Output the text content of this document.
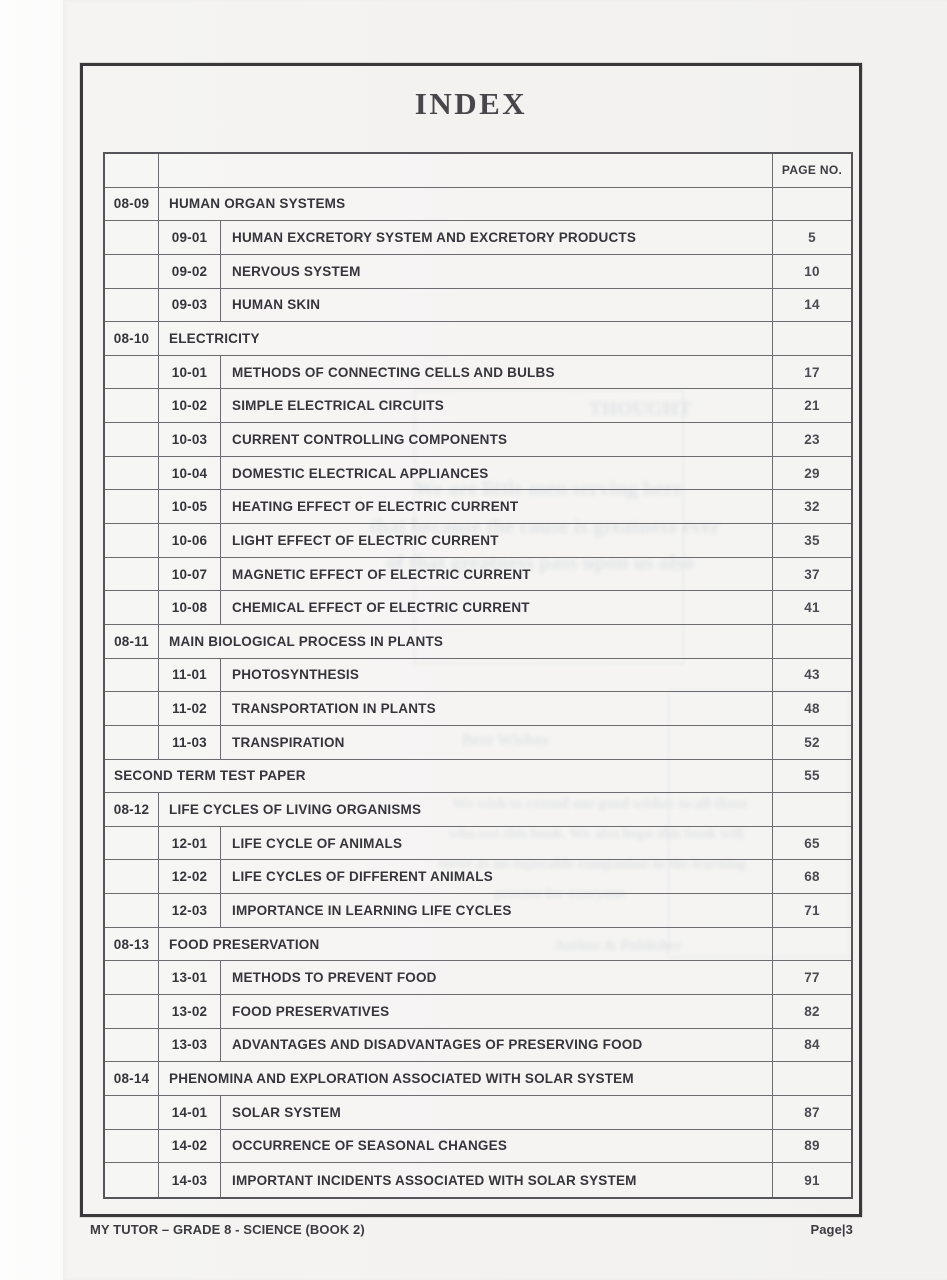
THOUGHT
We are little men serving here
that because the cause is greatness ever
of that greatness pass upon us also
Best Wishes
We wish to extend our good wishes to all those
who use this book. We also hope this book will
serve as an enjoyable companion in the learning
process for everyone
Author & Publisher
INDEX
PAGE NO.
08-09	HUMAN ORGAN SYSTEMS
09-01	HUMAN EXCRETORY SYSTEM AND EXCRETORY PRODUCTS	5
09-02	NERVOUS SYSTEM	10
09-03	HUMAN SKIN	14
08-10	ELECTRICITY
10-01	METHODS OF CONNECTING CELLS AND BULBS	17
10-02	SIMPLE ELECTRICAL CIRCUITS	21
10-03	CURRENT CONTROLLING COMPONENTS	23
10-04	DOMESTIC ELECTRICAL APPLIANCES	29
10-05	HEATING EFFECT OF ELECTRIC CURRENT	32
10-06	LIGHT EFFECT OF ELECTRIC CURRENT	35
10-07	MAGNETIC EFFECT OF ELECTRIC CURRENT	37
10-08	CHEMICAL EFFECT OF ELECTRIC CURRENT	41
08-11	MAIN BIOLOGICAL PROCESS IN PLANTS
11-01	PHOTOSYNTHESIS	43
11-02	TRANSPORTATION IN PLANTS	48
11-03	TRANSPIRATION	52
SECOND TERM TEST PAPER	55
08-12	LIFE CYCLES OF LIVING ORGANISMS
12-01	LIFE CYCLE OF ANIMALS	65
12-02	LIFE CYCLES OF DIFFERENT ANIMALS	68
12-03	IMPORTANCE IN LEARNING LIFE CYCLES	71
08-13	FOOD PRESERVATION
13-01	METHODS TO PREVENT FOOD	77
13-02	FOOD PRESERVATIVES	82
13-03	ADVANTAGES AND DISADVANTAGES OF PRESERVING FOOD	84
08-14	PHENOMINA AND EXPLORATION ASSOCIATED WITH SOLAR SYSTEM
14-01	SOLAR SYSTEM	87
14-02	OCCURRENCE OF SEASONAL CHANGES	89
14-03	IMPORTANT INCIDENTS ASSOCIATED WITH SOLAR SYSTEM	91
MY TUTOR – GRADE 8 - SCIENCE (BOOK 2)	Page|3
